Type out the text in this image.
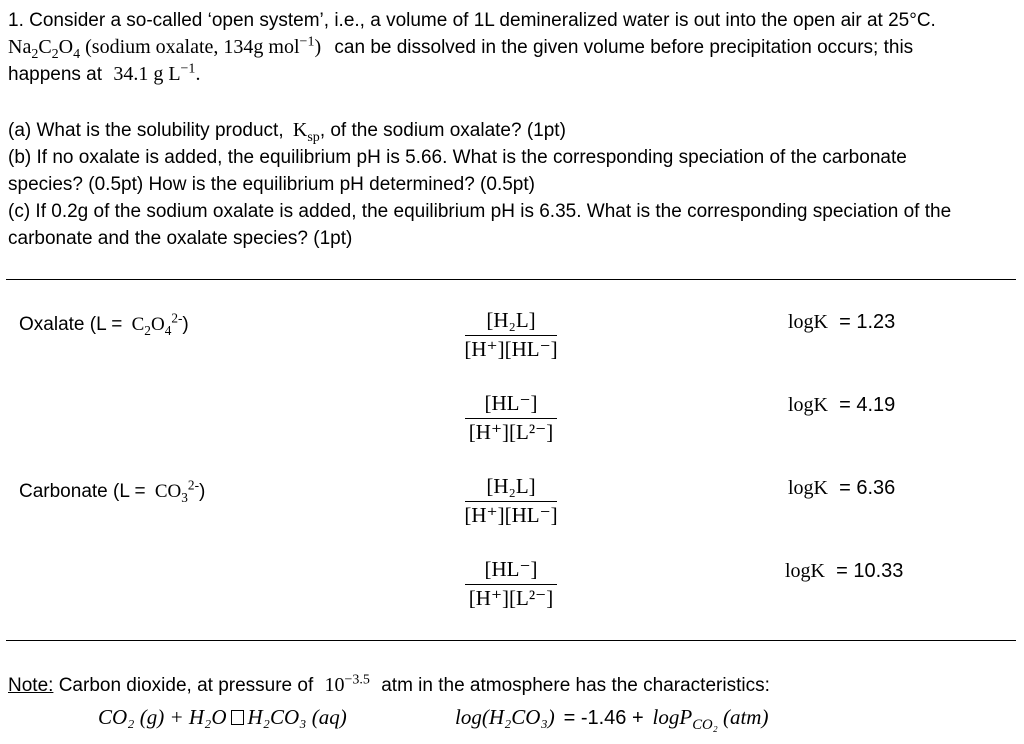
1. Consider a so-called ‘open system’, i.e., a volume of 1L demineralized water is out into the open air at 25°C.
$Na_2C_2O_4$ (sodium oxalate, 134g mol$^{-1}$) can be dissolved in the given volume before precipitation occurs; this
happens at 34.1 g $L^{-1}$.
(a) What is the solubility product, $K_{sp}$, of the sodium oxalate? (1pt)
(b) If no oxalate is added, the equilibrium pH is 5.66. What is the corresponding speciation of the carbonate
species? (0.5pt) How is the equilibrium pH determined? (0.5pt)
(c) If 0.2g of the sodium oxalate is added, the equilibrium pH is 6.35. What is the corresponding speciation of the
carbonate and the oxalate species? (1pt)
Oxalate $(L = C_2O_4^{2-})$
Carbonate $(L = CO_3^{2-})$
[H₂L]
[H⁺][HL⁻]
[HL⁻]
[H⁺][L²⁻]
[H₂L]
[H⁺][HL⁻]
[HL⁻]
[H⁺][L²⁻]
logK = 1.23
logK = 4.19
logK = 6.36
logK = 10.33
Note: Carbon dioxide, at pressure of $10^{-3.5}$ atm in the atmosphere has the characteristics:
CO₂ (g) + H₂O H₂CO₃ (aq)	log(H₂CO₃) = -1.46 + logP$_{CO_2}$ (atm)
